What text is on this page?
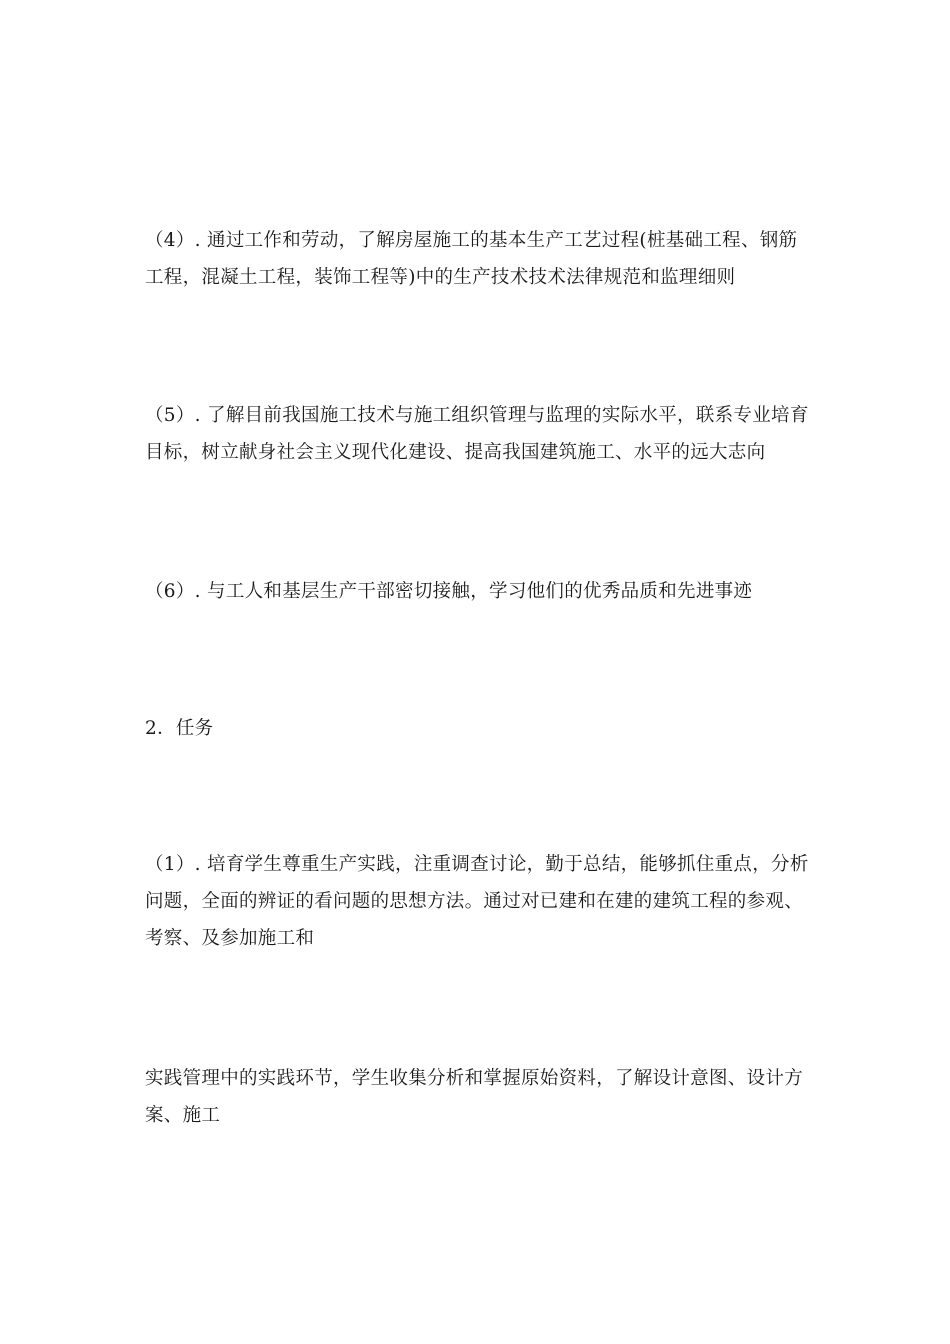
（4）. 通过工作和劳动，了解房屋施工的基本生产工艺过程(桩基础工程、钢筋工程，混凝土工程，装饰工程等)中的生产技术技术法律规范和监理细则

（5）. 了解目前我国施工技术与施工组织管理与监理的实际水平，联系专业培育目标，树立献身社会主义现代化建设、提高我国建筑施工、水平的远大志向

（6）. 与工人和基层生产干部密切接触，学习他们的优秀品质和先进事迹

2．任务

（1）. 培育学生尊重生产实践，注重调查讨论，勤于总结，能够抓住重点，分析问题，全面的辨证的看问题的思想方法。通过对已建和在建的建筑工程的参观、考察、及参加施工和

实践管理中的实践环节，学生收集分析和掌握原始资料，了解设计意图、设计方案、施工
